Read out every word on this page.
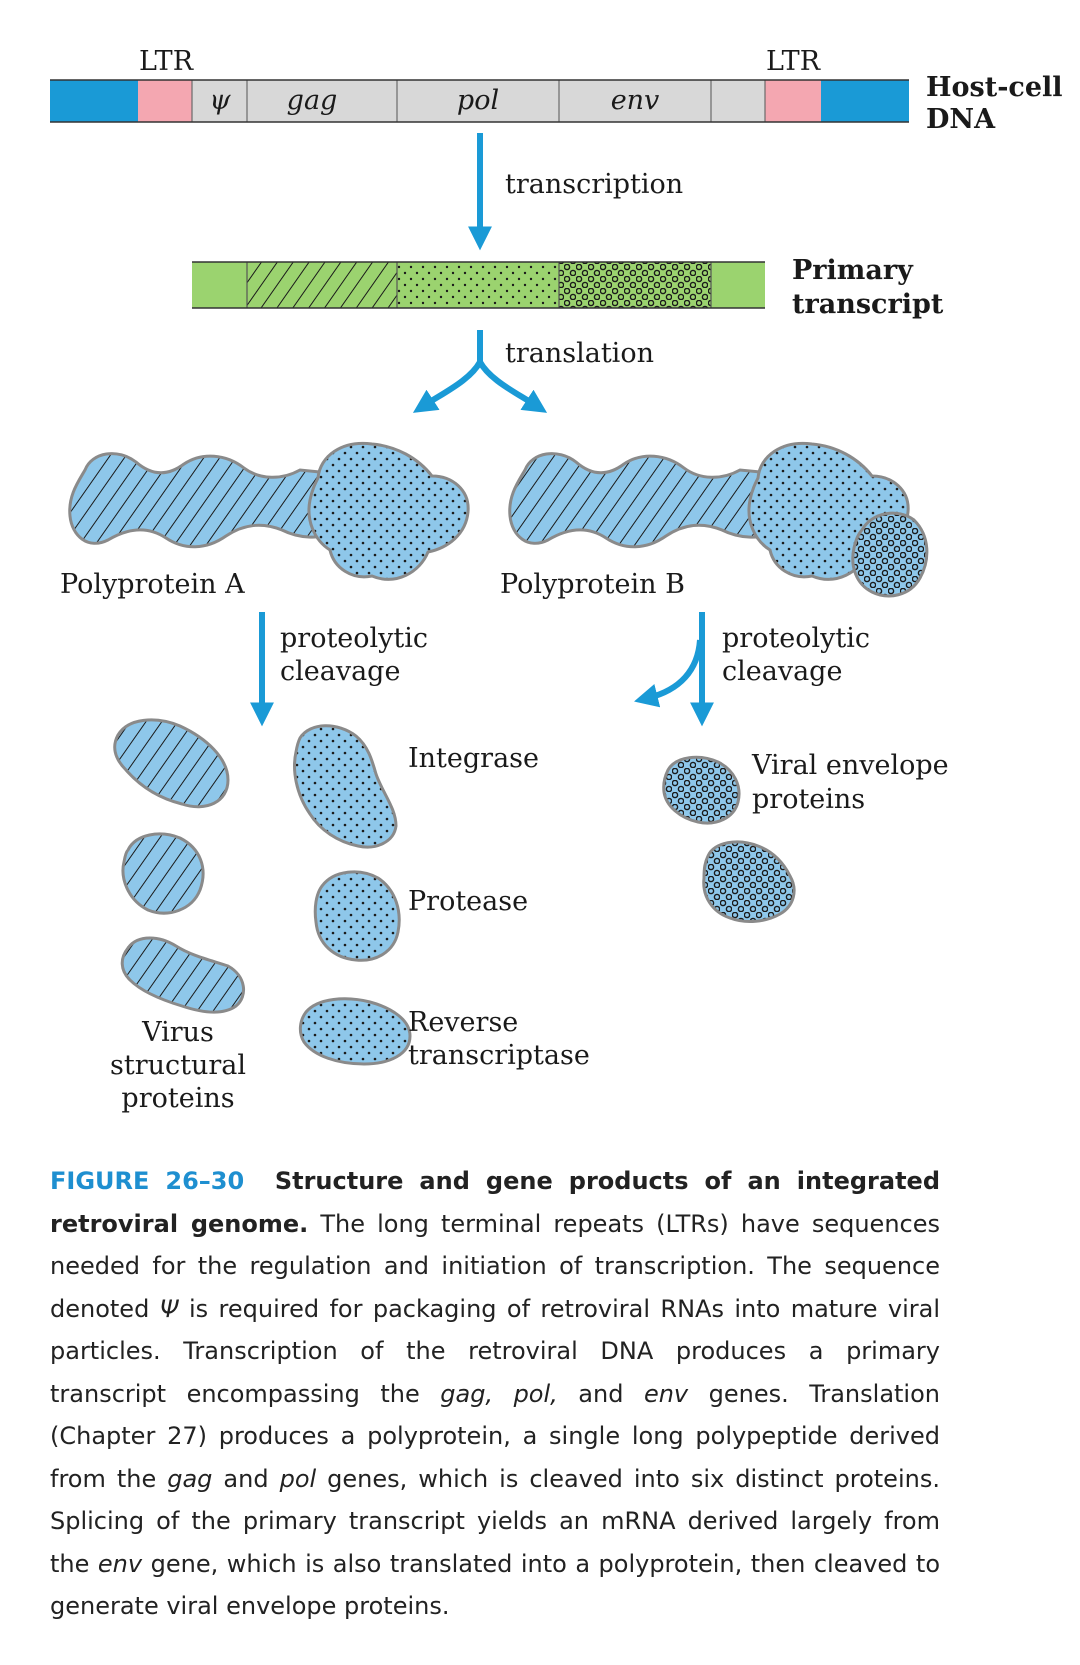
LTR	LTR
ψ gag	pol	env	Host-cell
DNA
transcription
Primary
transcript
translation
Polyprotein A	Polyprotein B
proteolytic
cleavage
proteolytic
cleavage
Integrase
Protease
Reverse
transcriptase
Virus
structural
proteins
Viral envelope
proteins

FIGURE 26–30 Structure and gene products of an integrated retroviral genome. The long terminal repeats (LTRs) have sequences needed for the regulation and initiation of transcription. The sequence denoted Ψ is required for packaging of retroviral RNAs into mature viral particles. Transcription of the retroviral DNA produces a primary transcript encompassing the gag, pol, and env genes. Translation (Chapter 27) produces a polyprotein, a single long polypeptide derived from the gag and pol genes, which is cleaved into six distinct proteins. Splicing of the primary transcript yields an mRNA derived largely from the env gene, which is also translated into a polyprotein, then cleaved to generate viral envelope proteins.
